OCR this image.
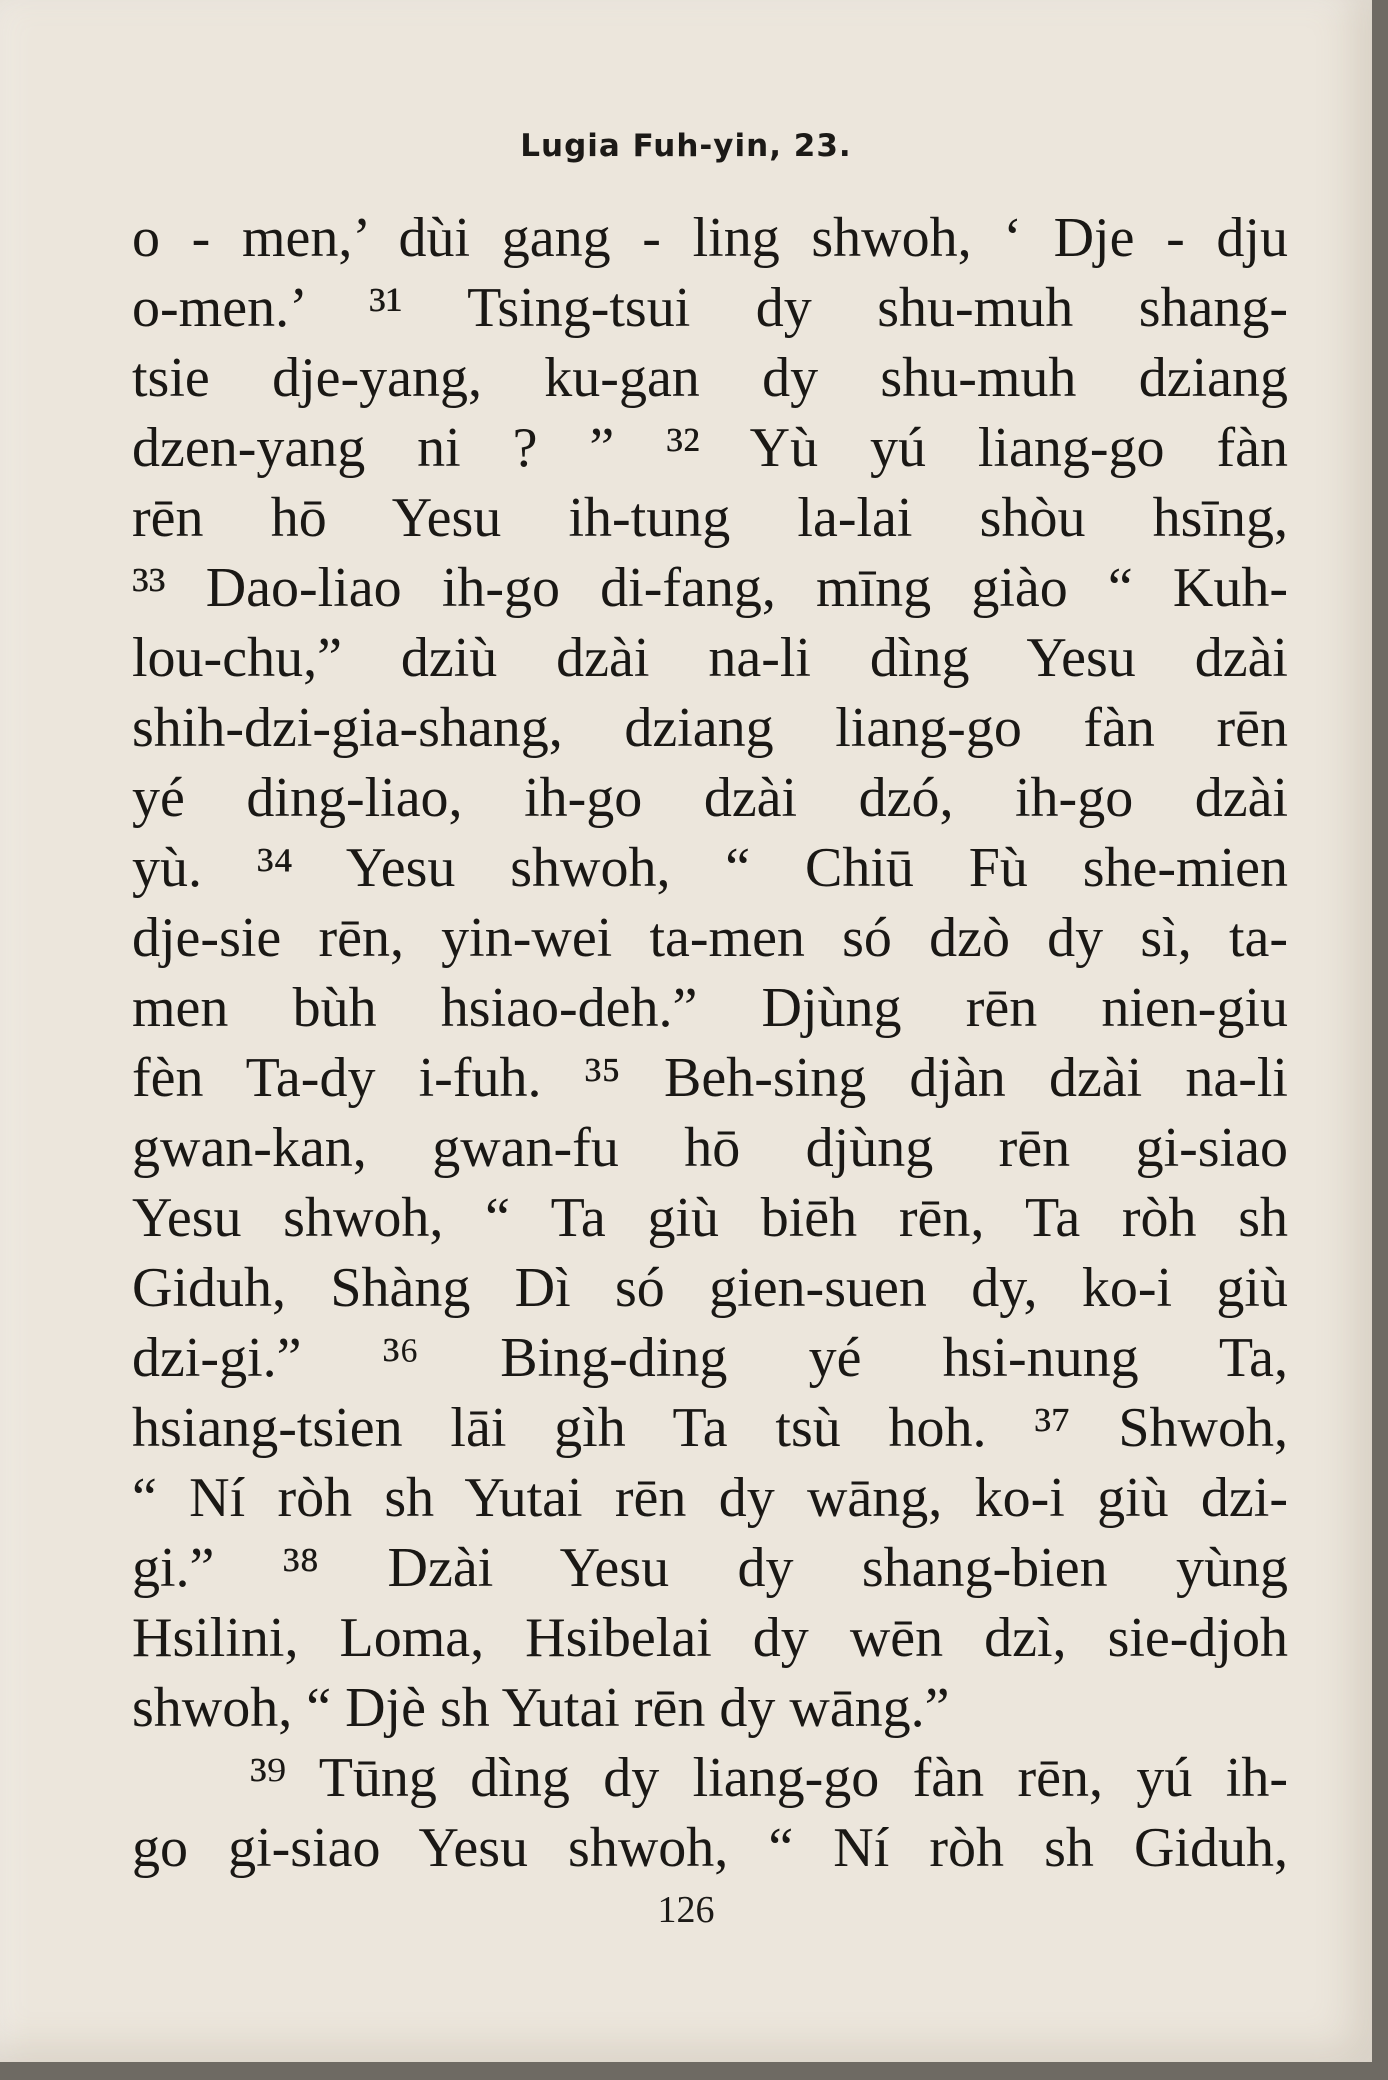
Lugia Fuh-yin, 23.
o - men,’ dùi gang - ling shwoh, ‘ Dje - dju
o-men.’ ³¹ Tsing-tsui dy shu-muh shang-
tsie dje-yang, ku-gan dy shu-muh dziang
dzen-yang ni ? ” ³² Yù yú liang-go fàn
rēn hō Yesu ih-tung la-lai shòu hsīng,
³³ Dao-liao ih-go di-fang, mīng giào “ Kuh-
lou-chu,” dziù dzài na-li dìng Yesu dzài
shih-dzi-gia-shang, dziang liang-go fàn rēn
yé ding-liao, ih-go dzài dzó, ih-go dzài
yù. ³⁴ Yesu shwoh, “ Chiū Fù she-mien
dje-sie rēn, yin-wei ta-men só dzò dy sì, ta-
men bùh hsiao-deh.” Djùng rēn nien-giu
fèn Ta-dy i-fuh. ³⁵ Beh-sing djàn dzài na-li
gwan-kan, gwan-fu hō djùng rēn gi-siao
Yesu shwoh, “ Ta giù biēh rēn, Ta ròh sh
Giduh, Shàng Dì só gien-suen dy, ko-i giù
dzi-gi.” ³⁶ Bing-ding yé hsi-nung Ta,
hsiang-tsien lāi gìh Ta tsù hoh. ³⁷ Shwoh,
“ Ní ròh sh Yutai rēn dy wāng, ko-i giù dzi-
gi.” ³⁸ Dzài Yesu dy shang-bien yùng
Hsilini, Loma, Hsibelai dy wēn dzì, sie-djoh
shwoh, “ Djè sh Yutai rēn dy wāng.”
³⁹ Tūng dìng dy liang-go fàn rēn, yú ih-
go gi-siao Yesu shwoh, “ Ní ròh sh Giduh,
126
